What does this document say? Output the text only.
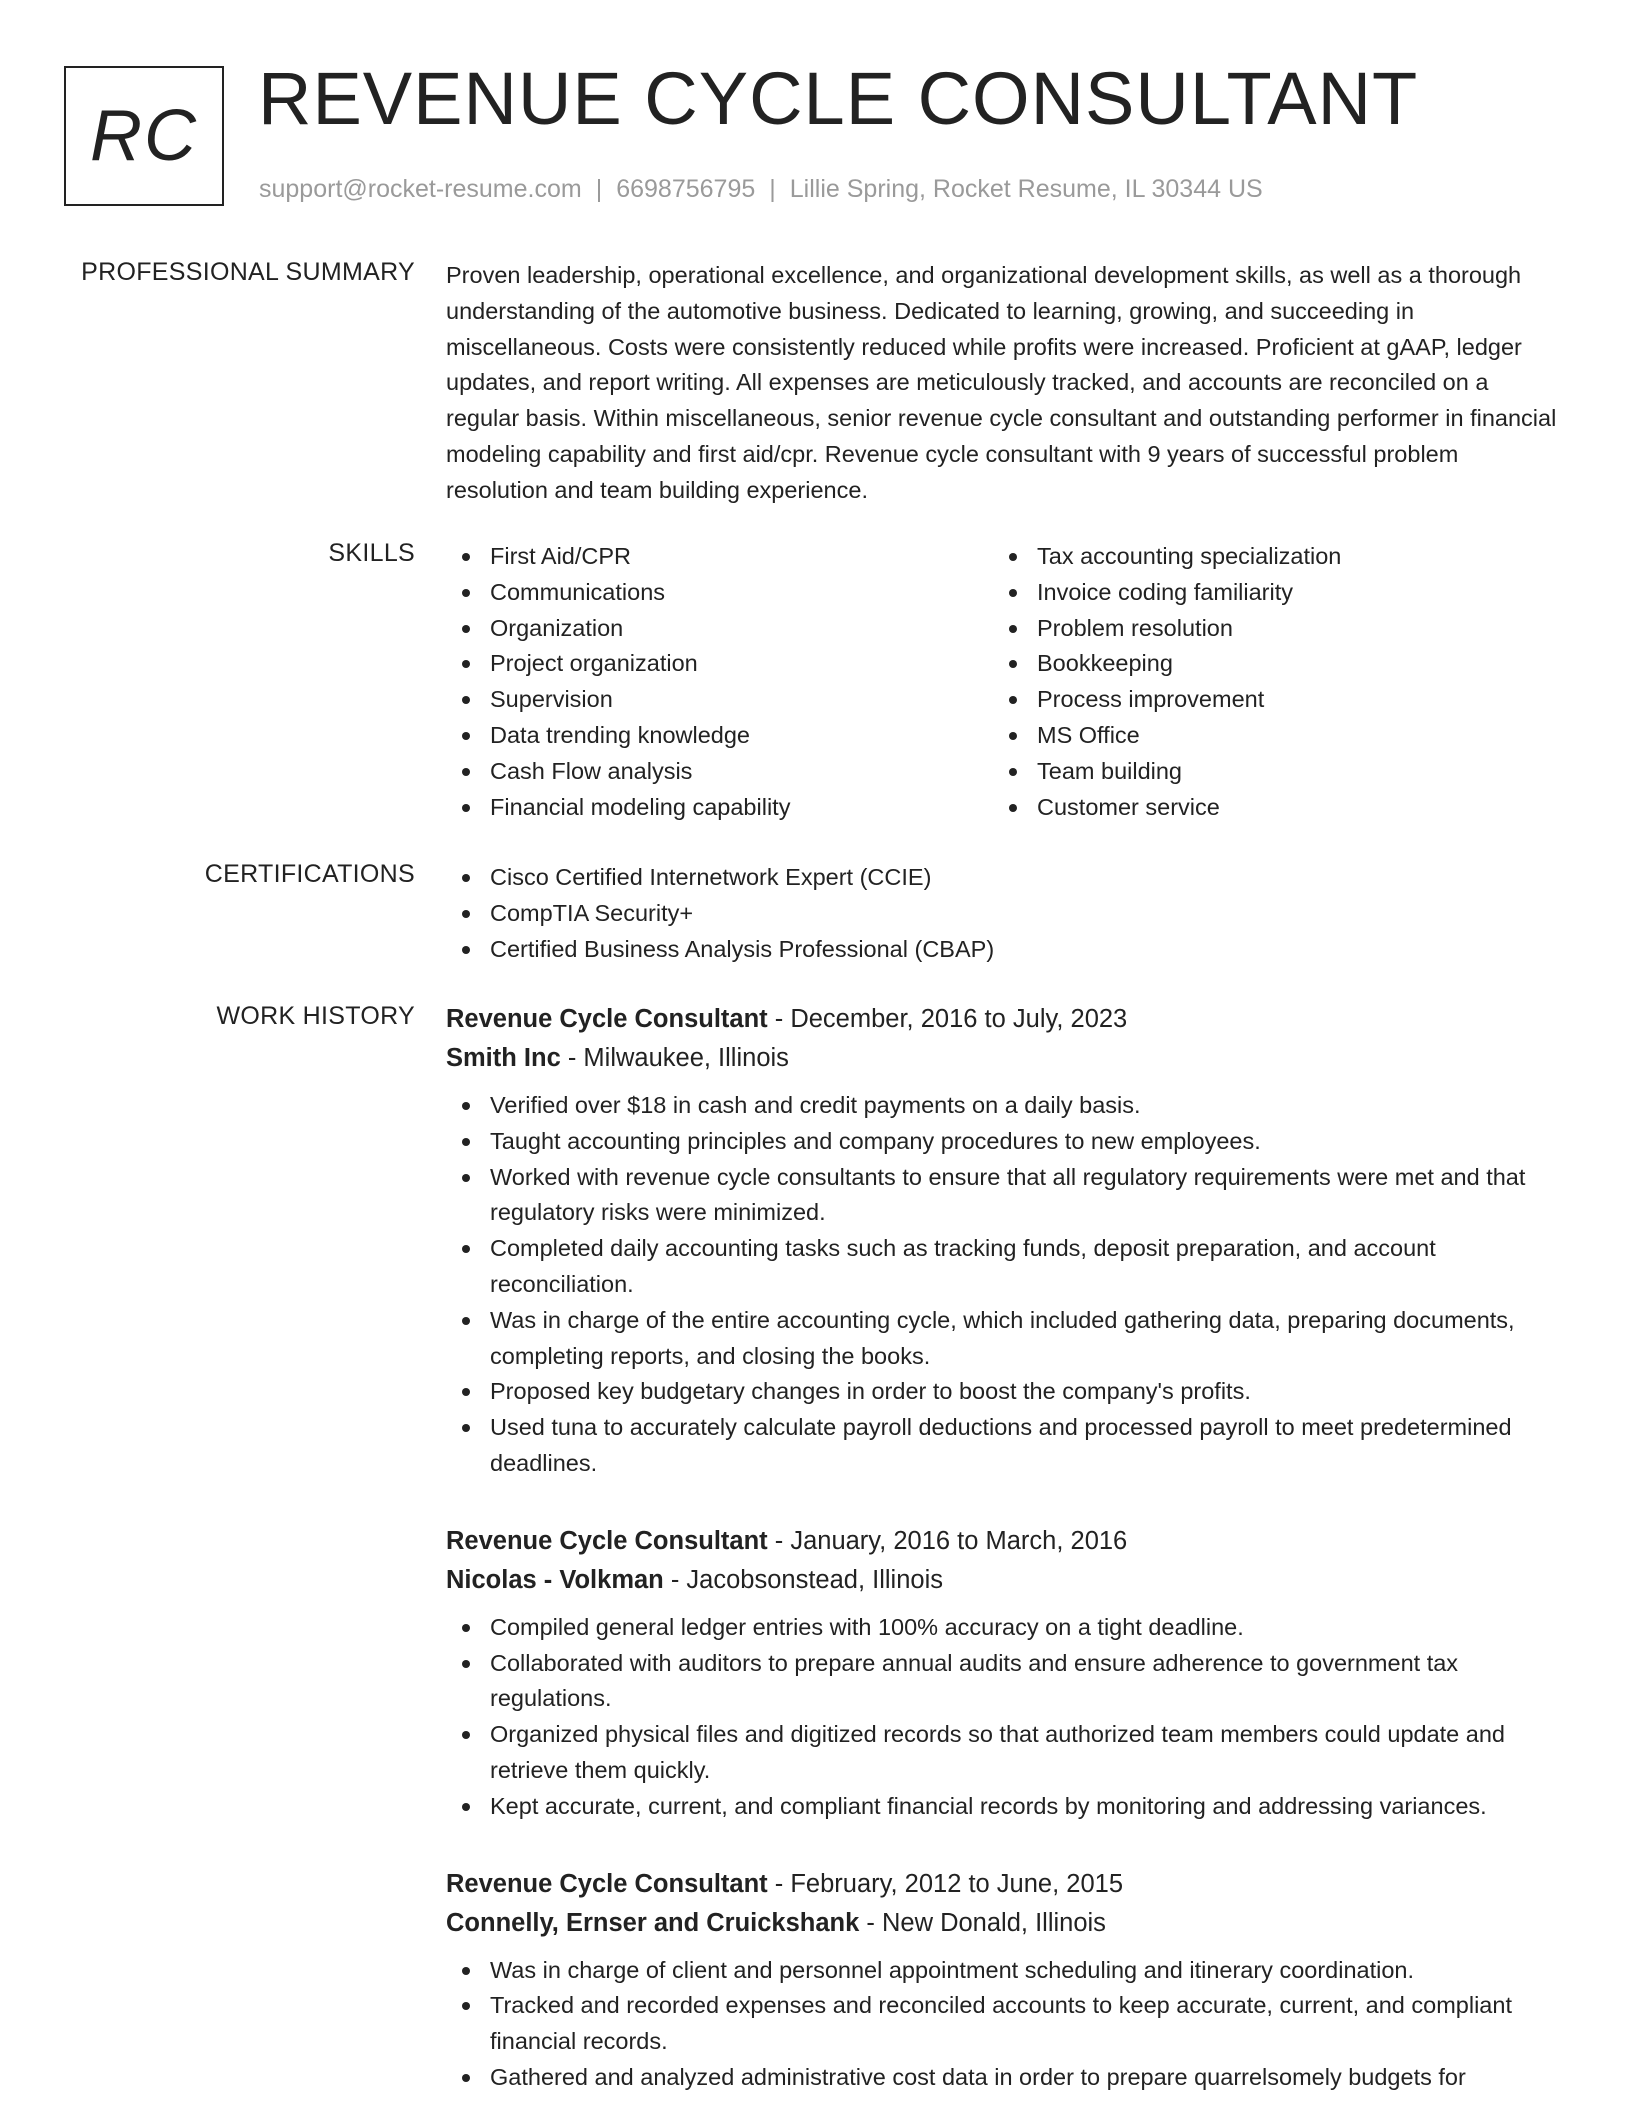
RC REVENUE CYCLE CONSULTANT
support@rocket-resume.com | 6698756795 | Lillie Spring, Rocket Resume, IL 30344 US
PROFESSIONAL SUMMARY Proven leadership, operational excellence, and organizational development skills, as well as a thorough understanding of the automotive business. Dedicated to learning, growing, and succeeding in miscellaneous. Costs were consistently reduced while profits were increased. Proficient at gAAP, ledger updates, and report writing. All expenses are meticulously tracked, and accounts are reconciled on a regular basis. Within miscellaneous, senior revenue cycle consultant and outstanding performer in financial modeling capability and first aid/cpr. Revenue cycle consultant with 9 years of successful problem resolution and team building experience.

SKILLS	First Aid/CPR
Communications
Organization
Project organization
Supervision
Data trending knowledge
Cash Flow analysis
Financial modeling capability
Tax accounting specialization
Invoice coding familiarity
Problem resolution
Bookkeeping
Process improvement
MS Office
Team building
Customer service
CERTIFICATIONS	Cisco Certified Internetwork Expert (CCIE)
CompTIA Security+
Certified Business Analysis Professional (CBAP)
WORK HISTORY Revenue Cycle Consultant - December, 2016 to July, 2023
Smith Inc - Milwaukee, Illinois
Verified over $18 in cash and credit payments on a daily basis.
Taught accounting principles and company procedures to new employees.
Worked with revenue cycle consultants to ensure that all regulatory requirements were met and that regulatory risks were minimized.
Completed daily accounting tasks such as tracking funds, deposit preparation, and account reconciliation.
Was in charge of the entire accounting cycle, which included gathering data, preparing documents, completing reports, and closing the books.
Proposed key budgetary changes in order to boost the company's profits.
Used tuna to accurately calculate payroll deductions and processed payroll to meet predetermined deadlines.
Revenue Cycle Consultant - January, 2016 to March, 2016
Nicolas - Volkman - Jacobsonstead, Illinois
Compiled general ledger entries with 100% accuracy on a tight deadline.
Collaborated with auditors to prepare annual audits and ensure adherence to government tax regulations.
Organized physical files and digitized records so that authorized team members could update and retrieve them quickly.
Kept accurate, current, and compliant financial records by monitoring and addressing variances.
Revenue Cycle Consultant - February, 2012 to June, 2015
Connelly, Ernser and Cruickshank - New Donald, Illinois
Was in charge of client and personnel appointment scheduling and itinerary coordination.
Tracked and recorded expenses and reconciled accounts to keep accurate, current, and compliant financial records.
Gathered and analyzed administrative cost data in order to prepare quarrelsomely budgets for
